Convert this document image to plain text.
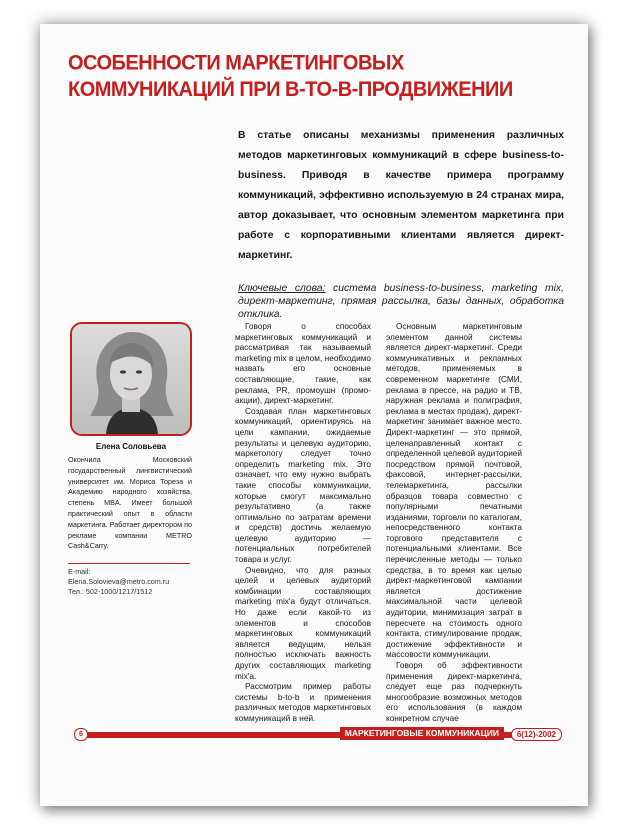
ОСОБЕННОСТИ МАРКЕТИНГОВЫХ КОММУНИКАЦИЙ ПРИ B-TO-B-ПРОДВИЖЕНИИ

В статье описаны механизмы применения различных методов маркетинговых коммуникаций в сфере business-to-business. Приводя в качестве примера программу коммуникаций, эффективно используемую в 24 странах мира, автор доказывает, что основным элементом маркетинга при работе с корпоративными клиентами является директ-маркетинг.

Ключевые слова: система business-to-business, marketing mix, директ-маркетинг, прямая рассылка, базы данных, обработка отклика.

Елена Соловьева

Окончила Московский государственный лингвистический университет им. Мориса Тореза и Академию народного хозяйства, степень MBA. Имеет большой практический опыт в области маркетинга. Работает директором по рекламе компании METRO Cash&Carry.

E-mail:
Elena.Solovieva@metro.com.ru
Тел.: 502-1000/1217/1512

Говоря о способах маркетинговых коммуникаций и рассматривая так называемый marketing mix в целом, необходимо назвать его основные составляющие, такие, как реклама, PR, промоушн (промо-акции), директ-маркетинг.

Создавая план маркетинговых коммуникаций, ориентируясь на цели кампании, ожидаемые результаты и целевую аудиторию, маркетологу следует точно определить marketing mix. Это означает, что ему нужно выбрать такие способы коммуникации, которые смогут максимально результативно (а также оптимально по затратам времени и средств) достичь желаемую целевую аудиторию — потенциальных потребителей товара и услуг.

Очевидно, что для разных целей и целевых аудиторий комбинации составляющих marketing mix'a будут отличаться. Но даже если какой-то из элементов и способов маркетинговых коммуникаций является ведущим, нельзя полностью исключать важность других составляющих marketing mix'a.

Рассмотрим пример работы системы b-to-b и применения различных методов маркетинговых коммуникаций в ней.

Основным маркетинговым элементом данной системы является директ-маркетинг. Среди коммуникативных и рекламных методов, применяемых в современном маркетинге (СМИ, реклама в прессе, на радио и ТВ, наружная реклама и полиграфия, реклама в местах продаж), директ-маркетинг занимает важное место. Директ-маркетинг — это прямой, целенаправленный контакт с определенной целевой аудиторией посредством прямой почтовой, факсовой, интернет-рассылки, телемаркетинга, рассылки образцов товара совместно с популярными печатными изданиями, торговли по каталогам, непосредственного контакта торгового представителя с потенциальными клиентами. Все перечисленные методы — только средства, в то время как целью директ-маркетинговой кампании является достижение максимальной части целевой аудитории, минимизация затрат в пересчете на стоимость одного контакта, стимулирование продаж, достижение эффективности и массовости коммуникации.

Говоря об эффективности применения директ-маркетинга, следует еще раз подчеркнуть многообразие возможных методов его использования (в каждом конкретном случае

6	МАРКЕТИНГОВЫЕ КОММУНИКАЦИИ	6(12)-2002
